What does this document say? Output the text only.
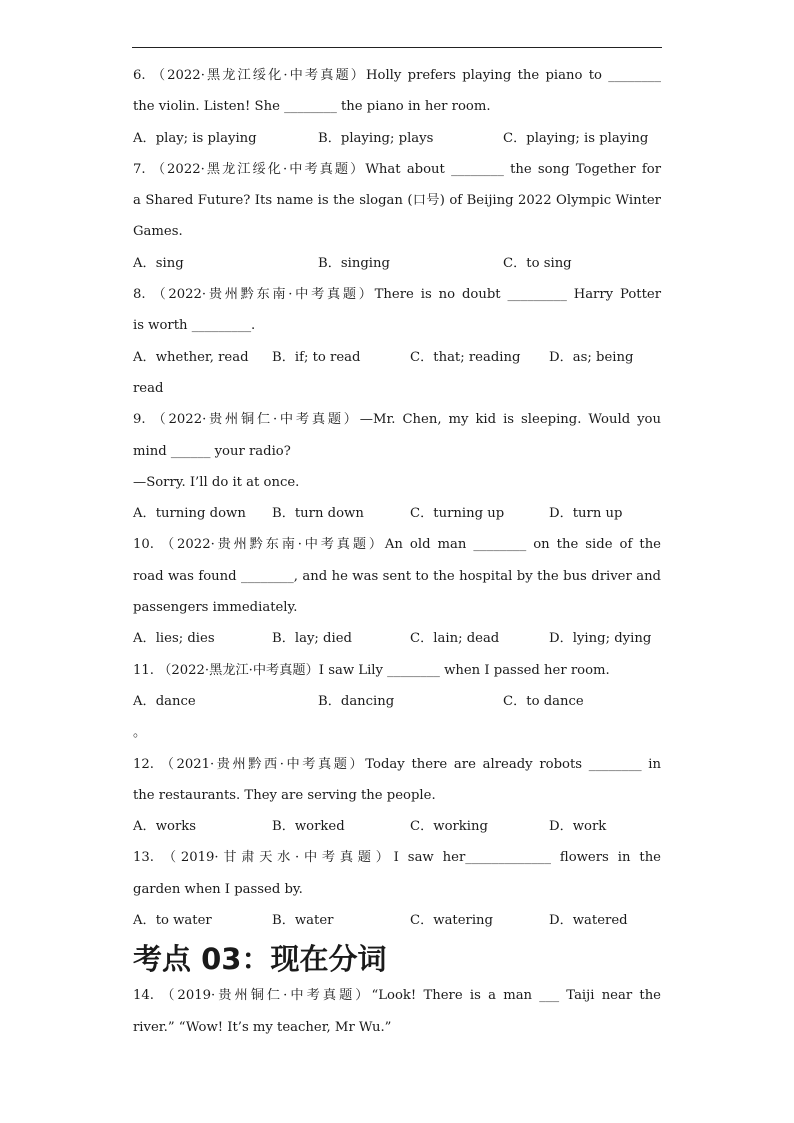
6. （2022·黑龙江绥化·中考真题）Holly prefers playing the piano to ________
the violin. Listen! She ________ the piano in her room.
A．play; is playing	B．playing; plays	C．playing; is playing
7. （2022·黑龙江绥化·中考真题）What about ________ the song Together for
a Shared Future? Its name is the slogan (口号) of Beijing 2022 Olympic Winter
Games.
A．sing	B．singing	C．to sing
8. （2022·贵州黔东南·中考真题）There is no doubt _________ Harry Potter
is worth _________.
A．whether, read B．if; to read	C．that; reading D．as; being
read
9. （2022·贵州铜仁·中考真题）—Mr. Chen, my kid is sleeping. Would you
mind ______ your radio?
—Sorry. I’ll do it at once.
A．turning down B．turn down	C．turning up	D．turn up
10. （2022·贵州黔东南·中考真题）An old man ________ on the side of the
road was found ________, and he was sent to the hospital by the bus driver and
passengers immediately.
A．lies; dies	B．lay; died	C．lain; dead	D．lying; dying
11. （2022·黑龙江·中考真题）I saw Lily ________ when I passed her room.
A．dance	B．dancing	C．to dance
。
12. （2021·贵州黔西·中考真题）Today there are already robots ________ in
the restaurants. They are serving the people.
A．works	B．worked	C．working	D．work
13. （2019·甘肃天水·中考真题）I saw her_____________ flowers in the
garden when I passed by.
A．to water	B．water	C．watering	D．watered
考点 03：现在分词
14. （2019·贵州铜仁·中考真题）“Look! There is a man ___ Taiji near the
river.” “Wow! It’s my teacher, Mr Wu.”
